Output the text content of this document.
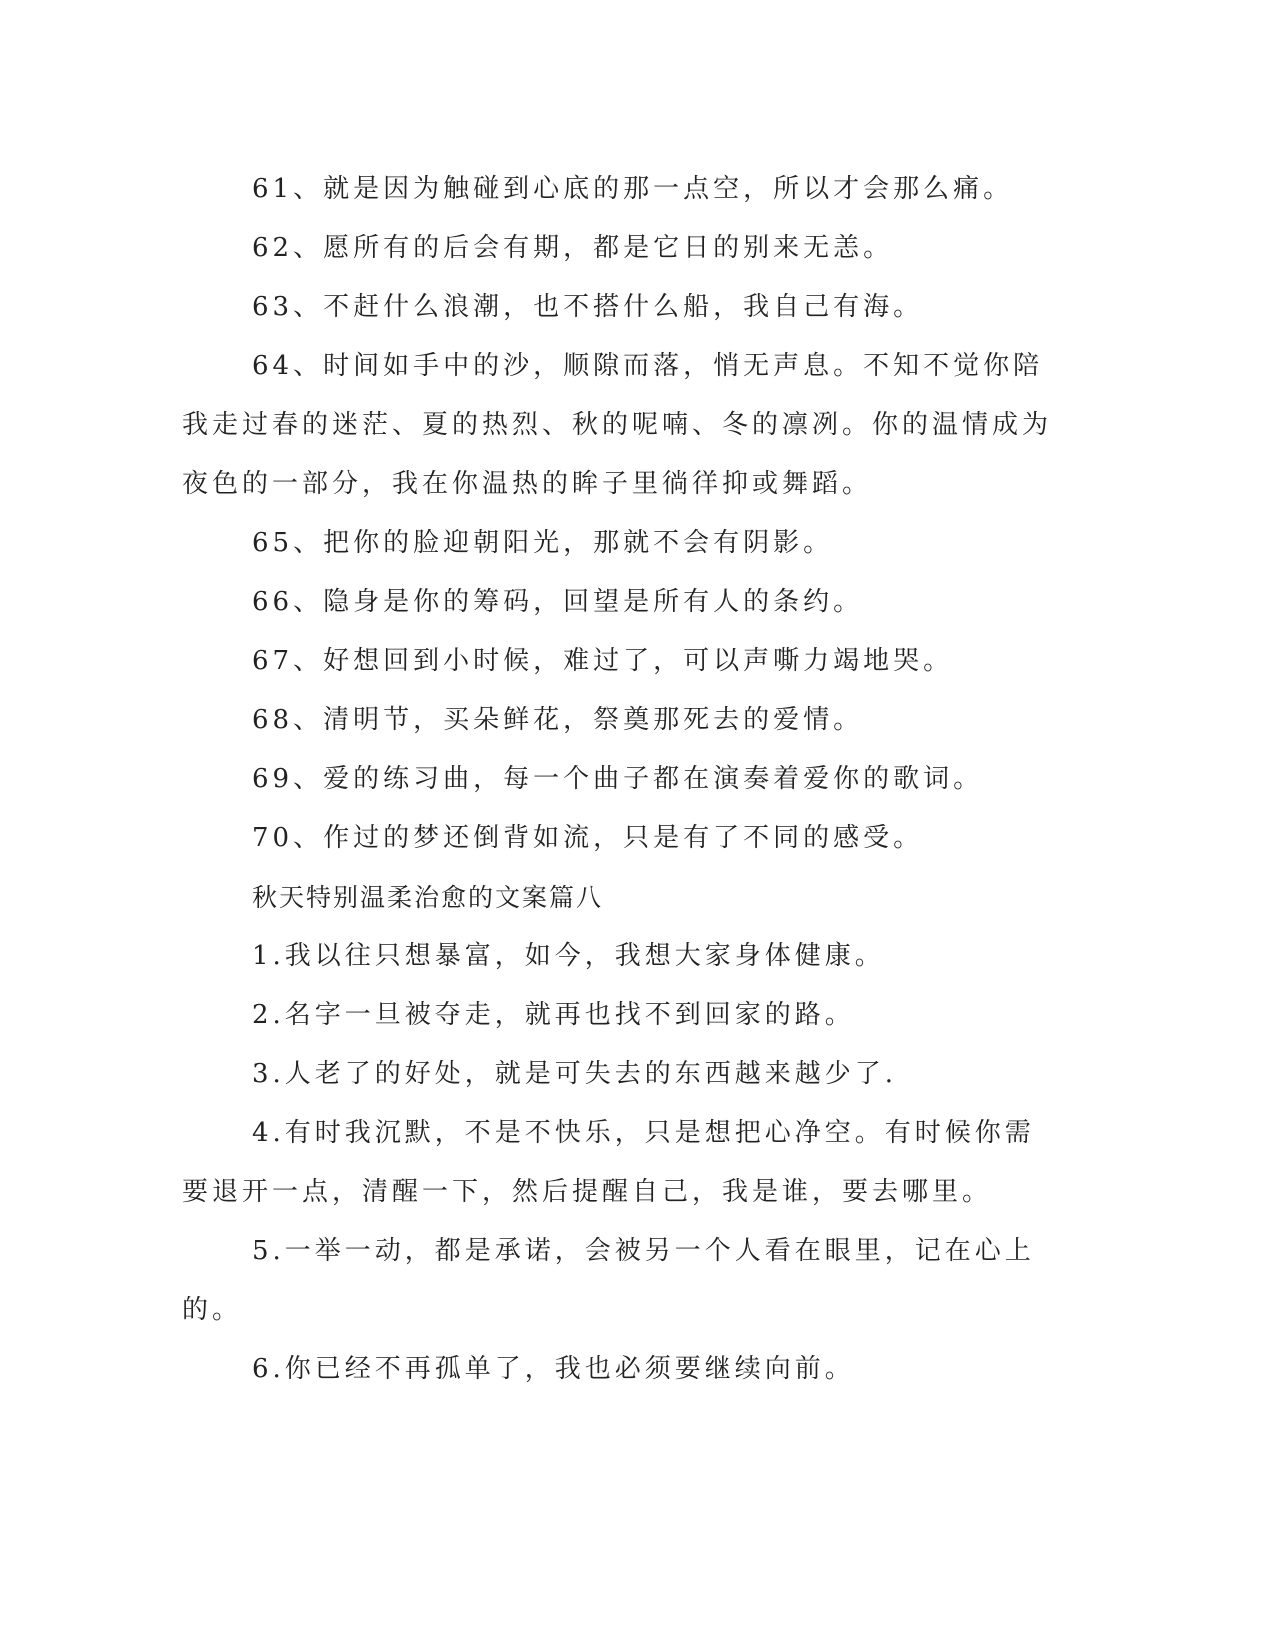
61、就是因为触碰到心底的那一点空，所以才会那么痛。

62、愿所有的后会有期，都是它日的别来无恙。

63、不赶什么浪潮，也不搭什么船，我自己有海。

64、时间如手中的沙，顺隙而落，悄无声息。不知不觉你陪我走过春的迷茫、夏的热烈、秋的呢喃、冬的凛冽。你的温情成为夜色的一部分，我在你温热的眸子里徜徉抑或舞蹈。

65、把你的脸迎朝阳光，那就不会有阴影。

66、隐身是你的筹码，回望是所有人的条约。

67、好想回到小时候，难过了，可以声嘶力竭地哭。

68、清明节，买朵鲜花，祭奠那死去的爱情。

69、爱的练习曲，每一个曲子都在演奏着爱你的歌词。

70、作过的梦还倒背如流，只是有了不同的感受。

秋天特别温柔治愈的文案篇八

1.我以往只想暴富，如今，我想大家身体健康。

2.名字一旦被夺走，就再也找不到回家的路。

3.人老了的好处，就是可失去的东西越来越少了.

4.有时我沉默，不是不快乐，只是想把心净空。有时候你需要退开一点，清醒一下，然后提醒自己，我是谁，要去哪里。

5.一举一动，都是承诺，会被另一个人看在眼里，记在心上的。

6.你已经不再孤单了，我也必须要继续向前。
